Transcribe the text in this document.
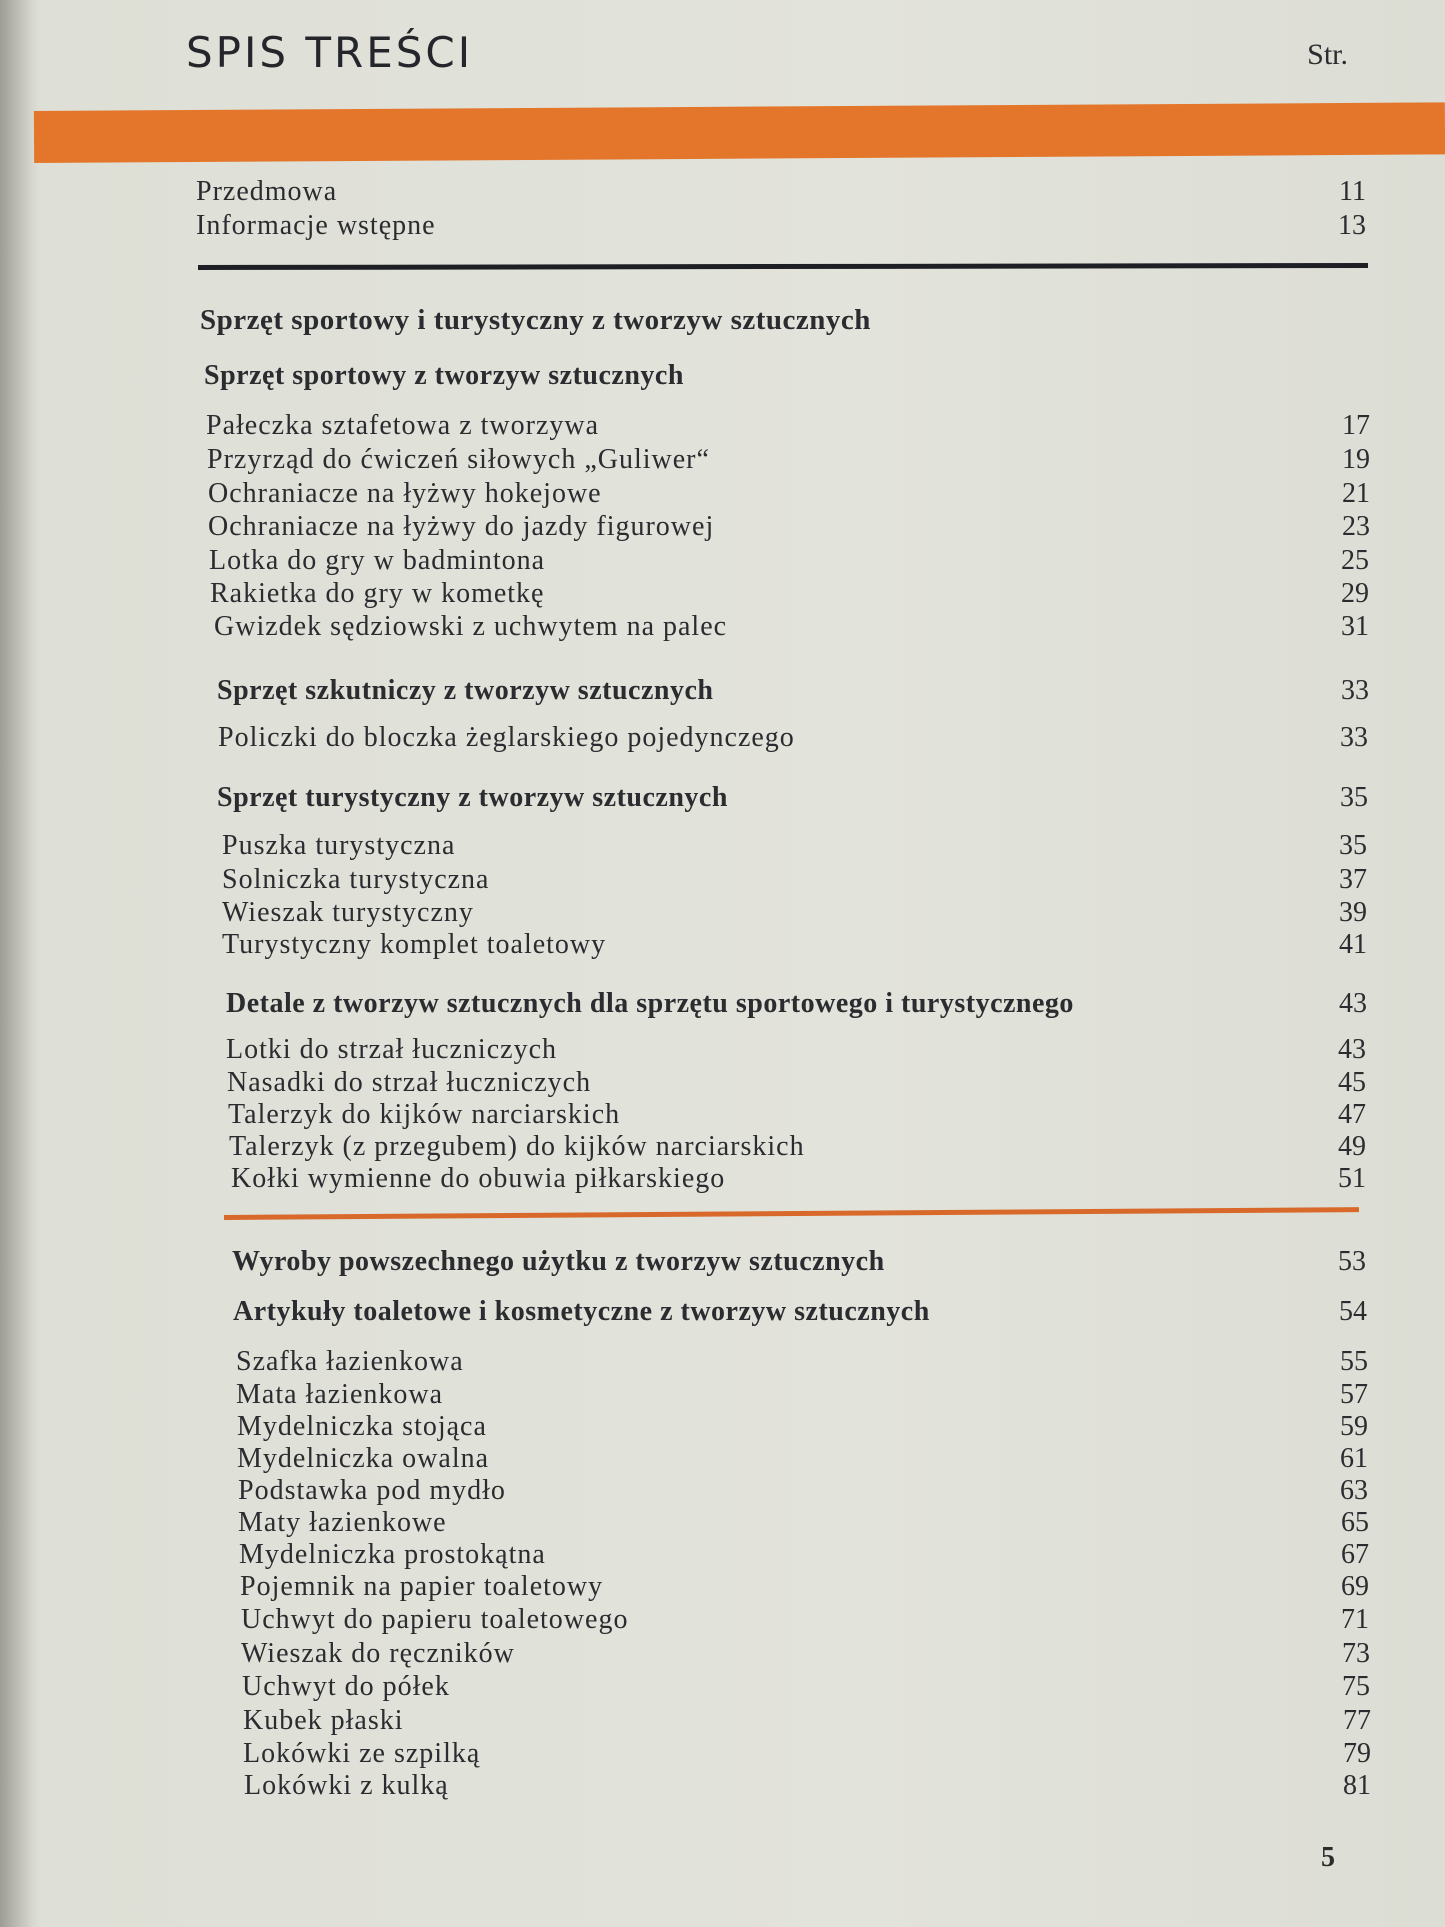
SPIS TREŚCI	Str.
Przedmowa	11
Informacje wstępne	13
Sprzęt sportowy i turystyczny z tworzyw sztucznych
Sprzęt sportowy z tworzyw sztucznych
Pałeczka sztafetowa z tworzywa	17
Przyrząd do ćwiczeń siłowych „Guliwer“	19
Ochraniacze na łyżwy hokejowe	21
Ochraniacze na łyżwy do jazdy figurowej	23
Lotka do gry w badmintona	25
Rakietka do gry w kometkę	29
Gwizdek sędziowski z uchwytem na palec	31
Sprzęt szkutniczy z tworzyw sztucznych	33
Policzki do bloczka żeglarskiego pojedynczego	33
Sprzęt turystyczny z tworzyw sztucznych	35
Puszka turystyczna	35
Solniczka turystyczna	37
Wieszak turystyczny	39
Turystyczny komplet toaletowy	41
Detale z tworzyw sztucznych dla sprzętu sportowego i turystycznego	43
Lotki do strzał łuczniczych	43
Nasadki do strzał łuczniczych	45
Talerzyk do kijków narciarskich	47
Talerzyk (z przegubem) do kijków narciarskich	49
Kołki wymienne do obuwia piłkarskiego	51
Wyroby powszechnego użytku z tworzyw sztucznych	53
Artykuły toaletowe i kosmetyczne z tworzyw sztucznych	54
Szafka łazienkowa	55
Mata łazienkowa	57
Mydelniczka stojąca	59
Mydelniczka owalna	61
Podstawka pod mydło	63
Maty łazienkowe	65
Mydelniczka prostokątna	67
Pojemnik na papier toaletowy	69
Uchwyt do papieru toaletowego	71
Wieszak do ręczników	73
Uchwyt do półek	75
Kubek płaski	77
Lokówki ze szpilką	79
Lokówki z kulką	81
5
